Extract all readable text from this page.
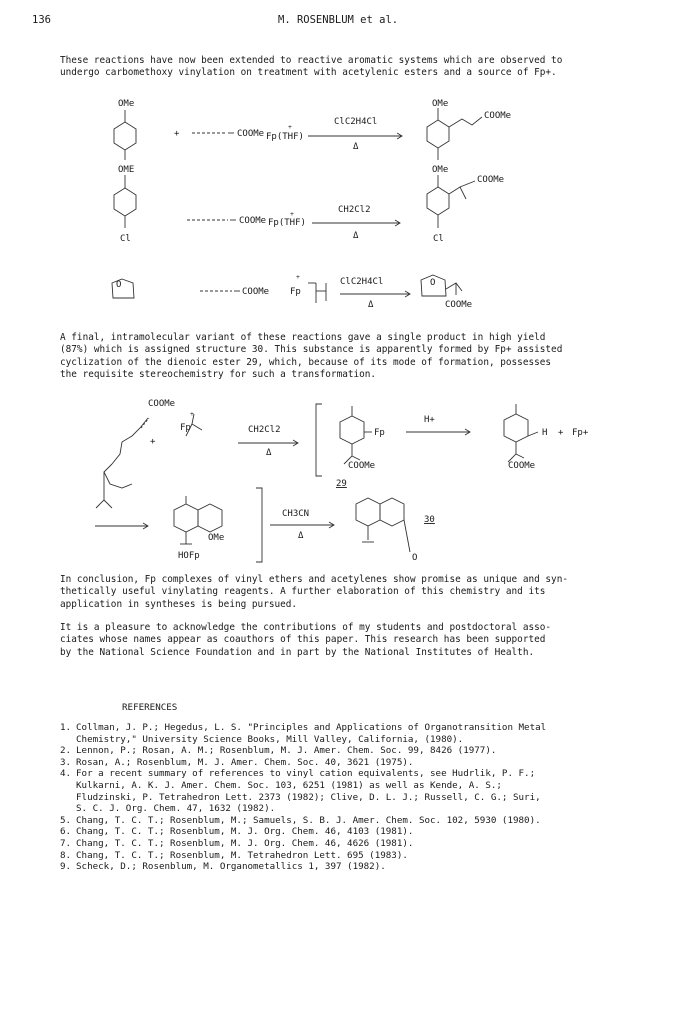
136	M. ROSENBLUM et al.
These reactions have now been extended to reactive aromatic systems which are observed to
undergo carbomethoxy vinylation on treatment with acetylenic esters and a source of Fp+.
OMe
+	COOMe
+
Fp(THF)
ClC2H4Cl
Δ
OMe
COOMe
OME
Cl
COOMe
+
Fp(THF)
CH2Cl2
Δ
OMe
COOMe
Cl
O
COOMe
+
Fp
ClC2H4Cl
Δ
O
COOMe
A final, intramolecular variant of these reactions gave a single product in high yield
(87%) which is assigned structure 30. This substance is apparently formed by Fp+ assisted
cyclization of the dienoic ester 29, which, because of its mode of formation, possesses
the requisite stereochemistry for such a transformation.
COOMe
+
+
Fp	CH2Cl2
Δ
Fp
COOMe
29
H+
H + Fp+
COOMe
OMe
HOFp
CH3CN
Δ
O
30
In conclusion, Fp complexes of vinyl ethers and acetylenes show promise as unique and syn-
thetically useful vinylating reagents. A further elaboration of this chemistry and its
application in syntheses is being pursued.
It is a pleasure to acknowledge the contributions of my students and postdoctoral asso-
ciates whose names appear as coauthors of this paper. This research has been supported
by the National Science Foundation and in part by the National Institutes of Health.
REFERENCES
1. Collman, J. P.; Hegedus, L. S. "Principles and Applications of Organotransition Metal
Chemistry," University Science Books, Mill Valley, California, (1980).
2. Lennon, P.; Rosan, A. M.; Rosenblum, M. J. Amer. Chem. Soc. 99, 8426 (1977).
3. Rosan, A.; Rosenblum, M. J. Amer. Chem. Soc. 40, 3621 (1975).
4. For a recent summary of references to vinyl cation equivalents, see Hudrlik, P. F.;
Kulkarni, A. K. J. Amer. Chem. Soc. 103, 6251 (1981) as well as Kende, A. S.;
Fludzinski, P. Tetrahedron Lett. 2373 (1982); Clive, D. L. J.; Russell, C. G.; Suri,
S. C. J. Org. Chem. 47, 1632 (1982).
5. Chang, T. C. T.; Rosenblum, M.; Samuels, S. B. J. Amer. Chem. Soc. 102, 5930 (1980).
6. Chang, T. C. T.; Rosenblum, M. J. Org. Chem. 46, 4103 (1981).
7. Chang, T. C. T.; Rosenblum, M. J. Org. Chem. 46, 4626 (1981).
8. Chang, T. C. T.; Rosenblum, M. Tetrahedron Lett. 695 (1983).
9. Scheck, D.; Rosenblum, M. Organometallics 1, 397 (1982).
